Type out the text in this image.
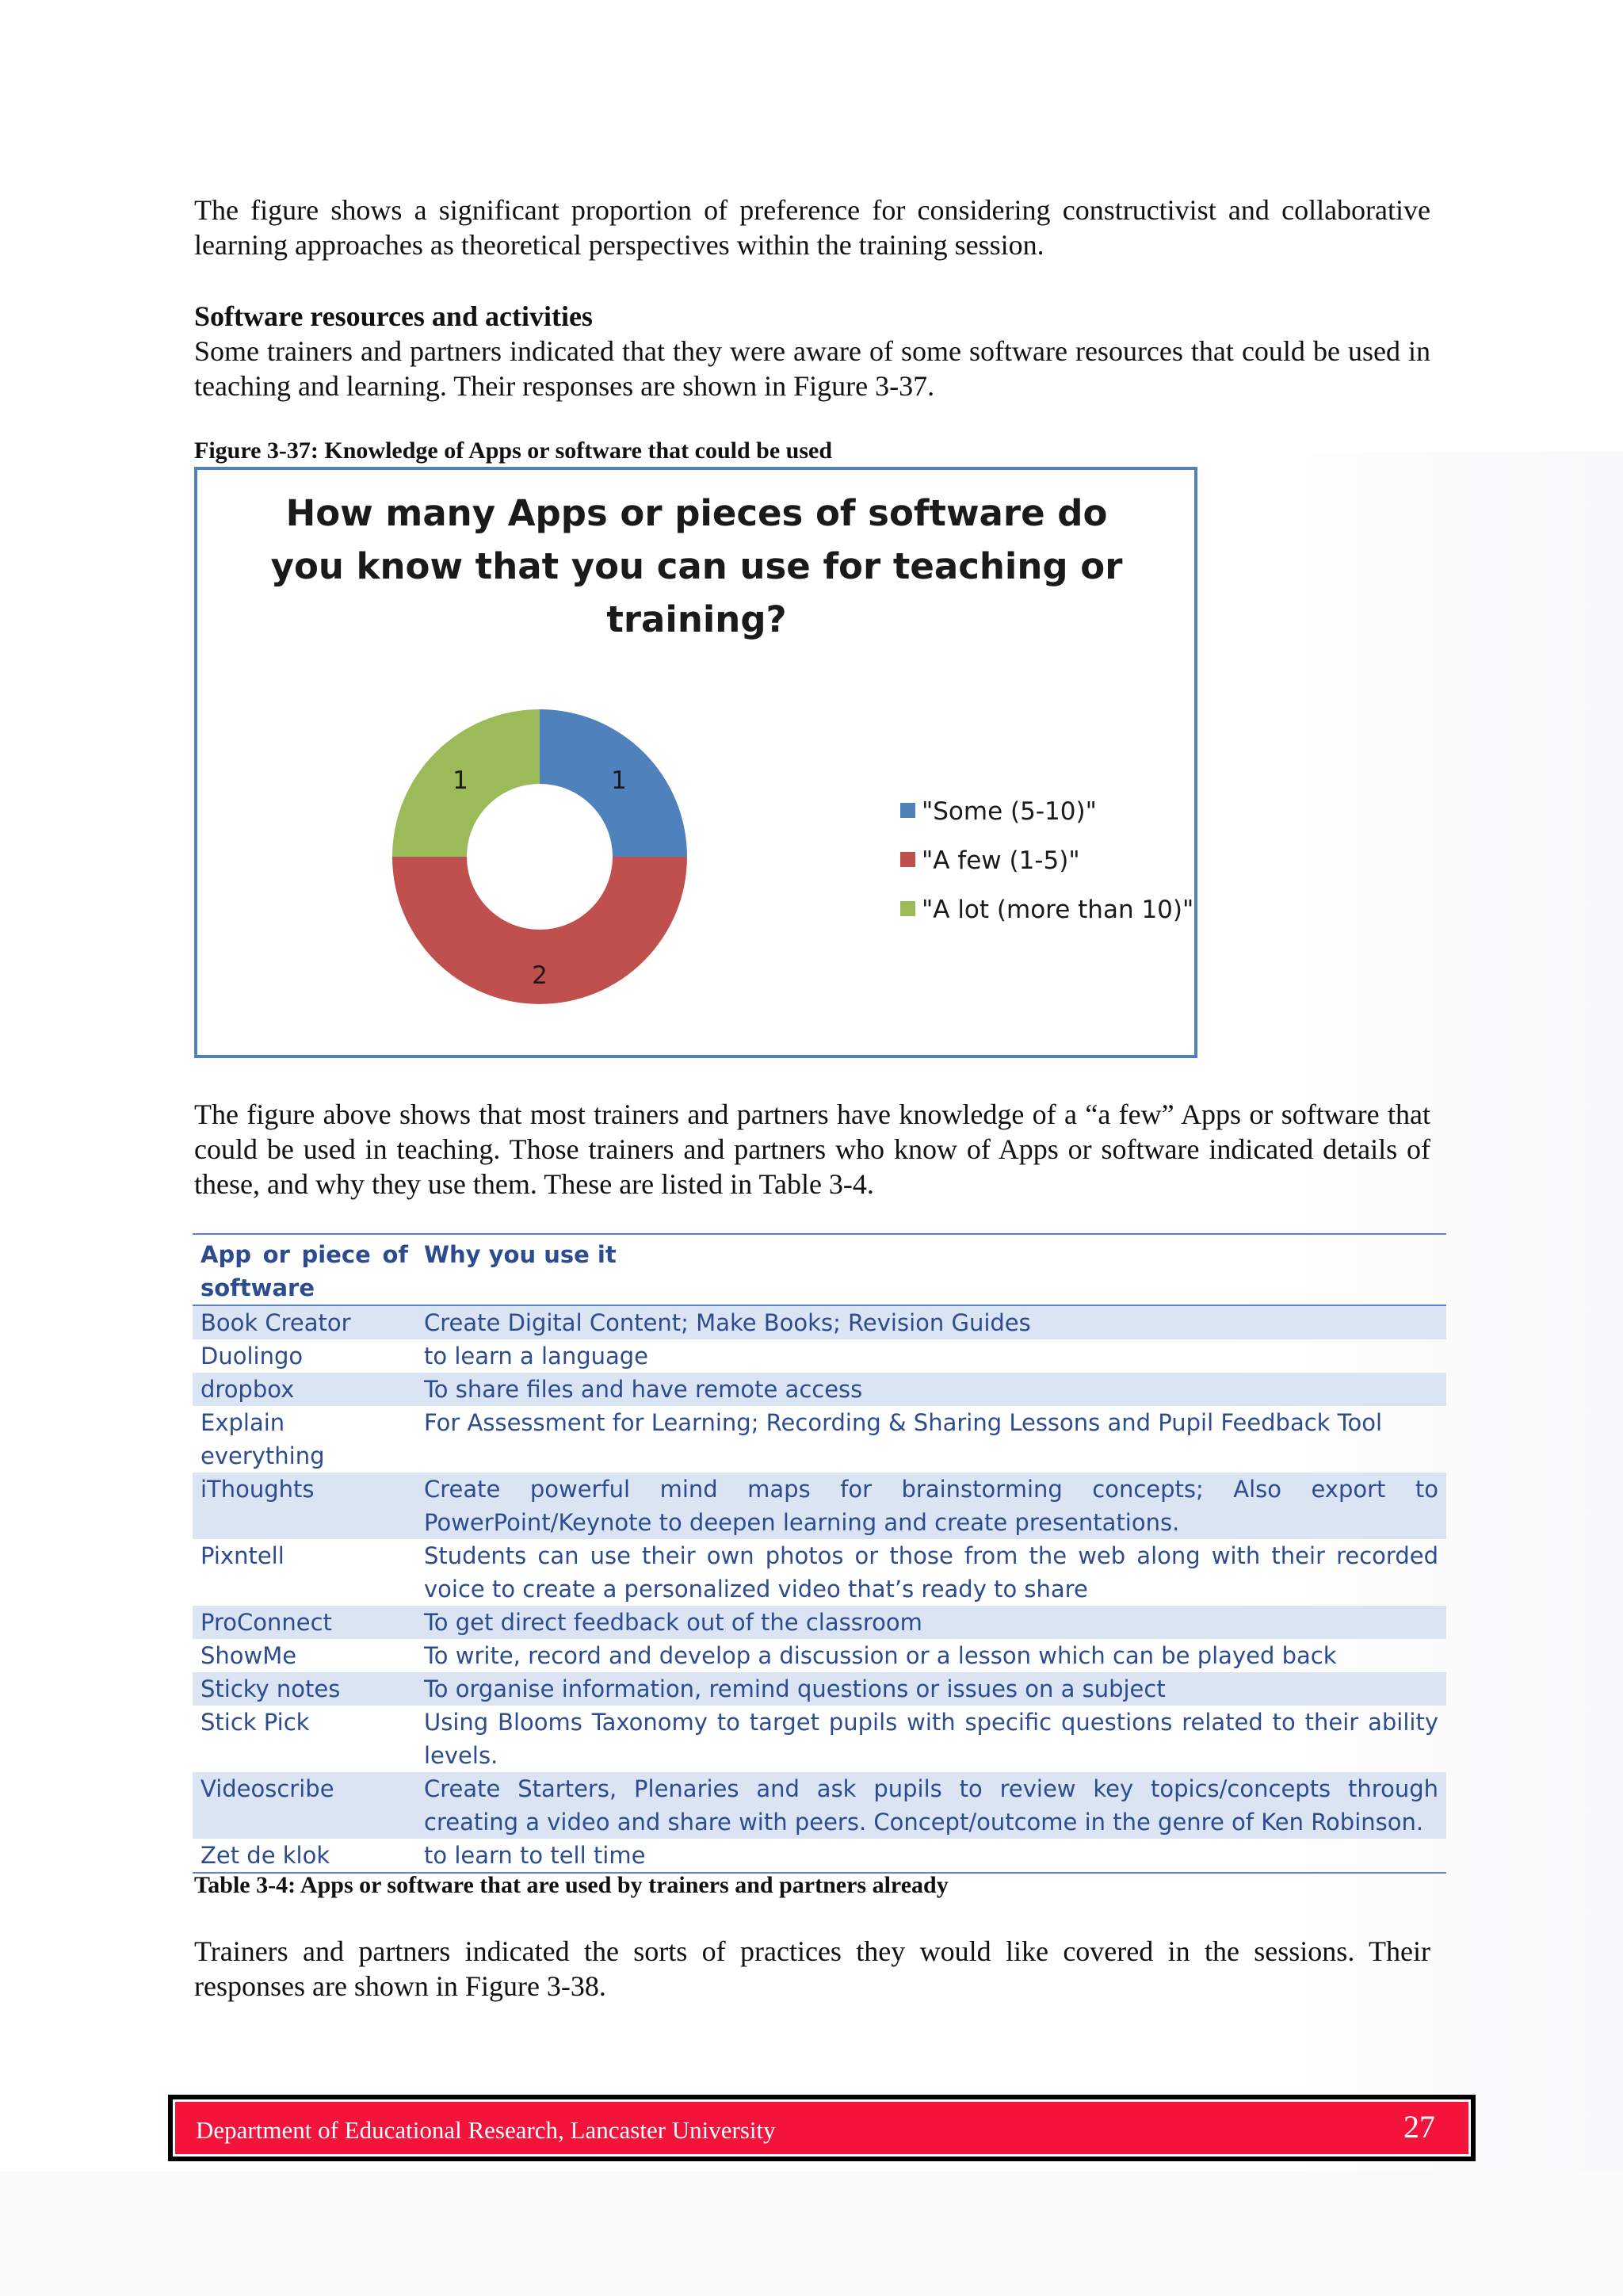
The figure shows a significant proportion of preference for considering constructivist and collaborative learning approaches as theoretical perspectives within the training session.

Software resources and activities

Some trainers and partners indicated that they were aware of some software resources that could be used in teaching and learning. Their responses are shown in Figure 3-37.

Figure 3-37: Knowledge of Apps or software that could be used

How many Apps or pieces of software do
you know that you can use for teaching or
training?
1
2
1
"Some (5-10)"
"A few (1-5)"
"A lot (more than 10)"

The figure above shows that most trainers and partners have knowledge of a “a few” Apps or software that could be used in teaching. Those trainers and partners who know of Apps or software indicated details of these, and why they use them. These are listed in Table 3-4.

App or piece of software	Why you use it
Book Creator	Create Digital Content; Make Books; Revision Guides
Duolingo	to learn a language
dropbox	To share files and have remote access
Explain everything	For Assessment for Learning; Recording & Sharing Lessons and Pupil Feedback Tool
iThoughts	Create powerful mind maps for brainstorming concepts; Also export to PowerPoint/Keynote to deepen learning and create presentations.
Pixntell	Students can use their own photos or those from the web along with their recorded voice to create a personalized video that’s ready to share
ProConnect	To get direct feedback out of the classroom
ShowMe	To write, record and develop a discussion or a lesson which can be played back
Sticky notes	To organise information, remind questions or issues on a subject
Stick Pick	Using Blooms Taxonomy to target pupils with specific questions related to their ability levels.
Videoscribe	Create Starters, Plenaries and ask pupils to review key topics/concepts through creating a video and share with peers. Concept/outcome in the genre of Ken Robinson.
Zet de klok	to learn to tell time

Table 3-4: Apps or software that are used by trainers and partners already

Trainers and partners indicated the sorts of practices they would like covered in the sessions. Their responses are shown in Figure 3-38.

Department of Educational Research, Lancaster University	27
